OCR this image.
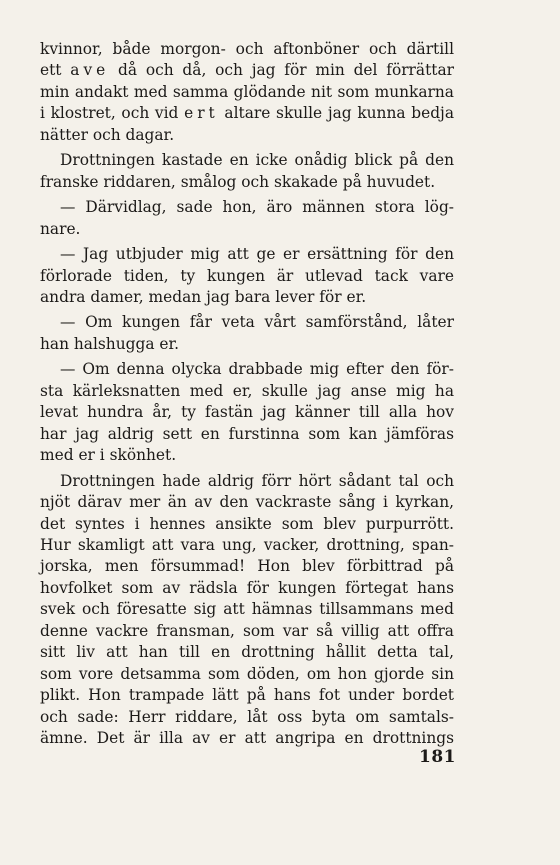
kvinnor, både morgon- och aftonböner och därtill
ett ave då och då, och jag för min del förrättar
min andakt med samma glödande nit som munkarna
i klostret, och vid ert altare skulle jag kunna bedja
nätter och dagar.
Drottningen kastade en icke onådig blick på den
franske riddaren, smålog och skakade på huvudet.
— Därvidlag, sade hon, äro männen stora lög-
nare.
— Jag utbjuder mig att ge er ersättning för den
förlorade tiden, ty kungen är utlevad tack vare
andra damer, medan jag bara lever för er.
— Om kungen får veta vårt samförstånd, låter
han halshugga er.
— Om denna olycka drabbade mig efter den för-
sta kärleksnatten med er, skulle jag anse mig ha
levat hundra år, ty fastän jag känner till alla hov
har jag aldrig sett en furstinna som kan jämföras
med er i skönhet.
Drottningen hade aldrig förr hört sådant tal och
njöt därav mer än av den vackraste sång i kyrkan,
det syntes i hennes ansikte som blev purpurrött.
Hur skamligt att vara ung, vacker, drottning, span-
jorska, men försummad! Hon blev förbittrad på
hovfolket som av rädsla för kungen förtegat hans
svek och föresatte sig att hämnas tillsammans med
denne vackre fransman, som var så villig att offra
sitt liv att han till en drottning hållit detta tal,
som vore detsamma som döden, om hon gjorde sin
plikt. Hon trampade lätt på hans fot under bordet
och sade: Herr riddare, låt oss byta om samtals-
ämne. Det är illa av er att angripa en drottnings
181
